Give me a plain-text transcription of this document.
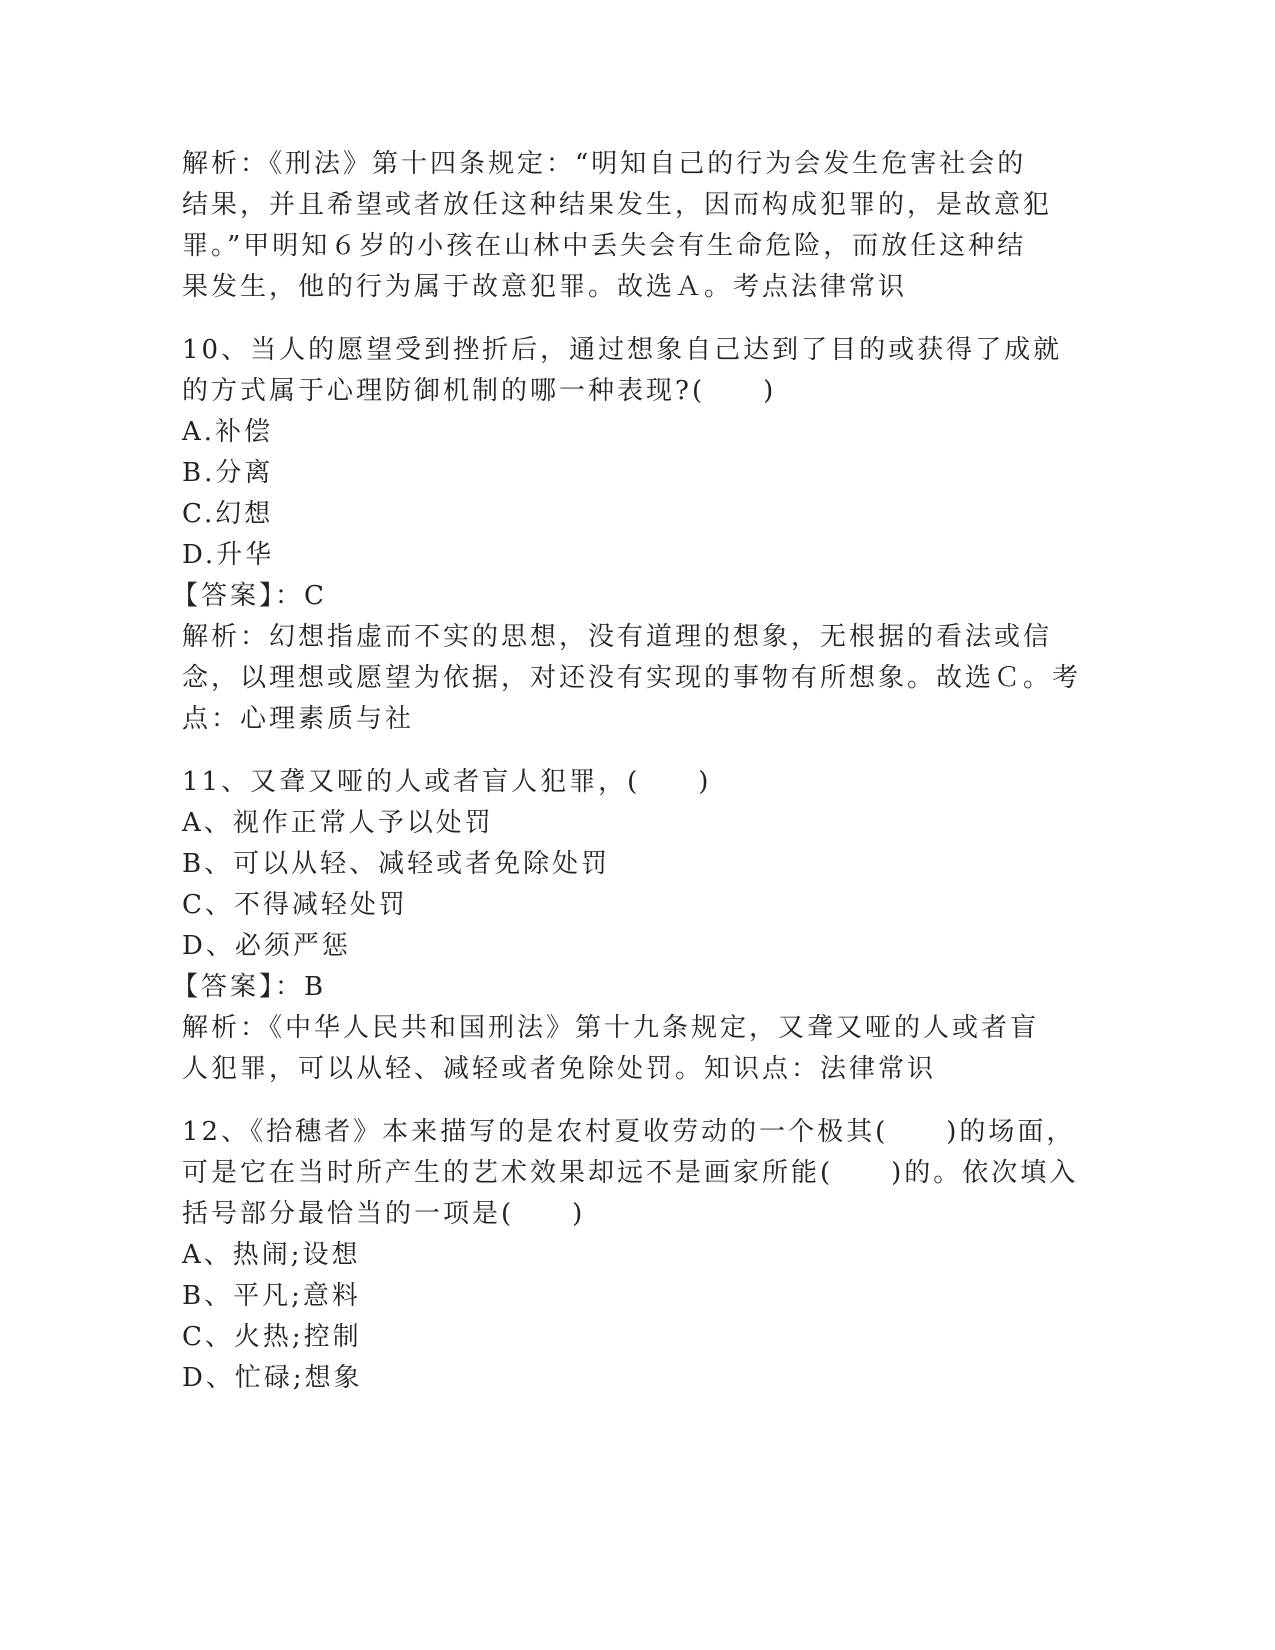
解析：《刑法》第十四条规定：“明知自己的行为会发生危害社会的
结果，并且希望或者放任这种结果发生，因而构成犯罪的，是故意犯
罪。”甲明知６岁的小孩在山林中丢失会有生命危险，而放任这种结
果发生，他的行为属于故意犯罪。故选Ａ。考点法律常识
10、当人的愿望受到挫折后，通过想象自己达到了目的或获得了成就
的方式属于心理防御机制的哪一种表现?(　　)
A.补偿
B.分离
C.幻想
D.升华
【答案】：C
解析：幻想指虚而不实的思想，没有道理的想象，无根据的看法或信
念，以理想或愿望为依据，对还没有实现的事物有所想象。故选Ｃ。考
点：心理素质与社
11、又聋又哑的人或者盲人犯罪，(　　)
A、视作正常人予以处罚
B、可以从轻、减轻或者免除处罚
C、不得减轻处罚
D、必须严惩
【答案】：B
解析：《中华人民共和国刑法》第十九条规定，又聋又哑的人或者盲
人犯罪，可以从轻、减轻或者免除处罚。知识点：法律常识
12、《拾穗者》本来描写的是农村夏收劳动的一个极其(　　)的场面，
可是它在当时所产生的艺术效果却远不是画家所能(　　)的。依次填入
括号部分最恰当的一项是(　　)
A、热闹;设想
B、平凡;意料
C、火热;控制
D、忙碌;想象
